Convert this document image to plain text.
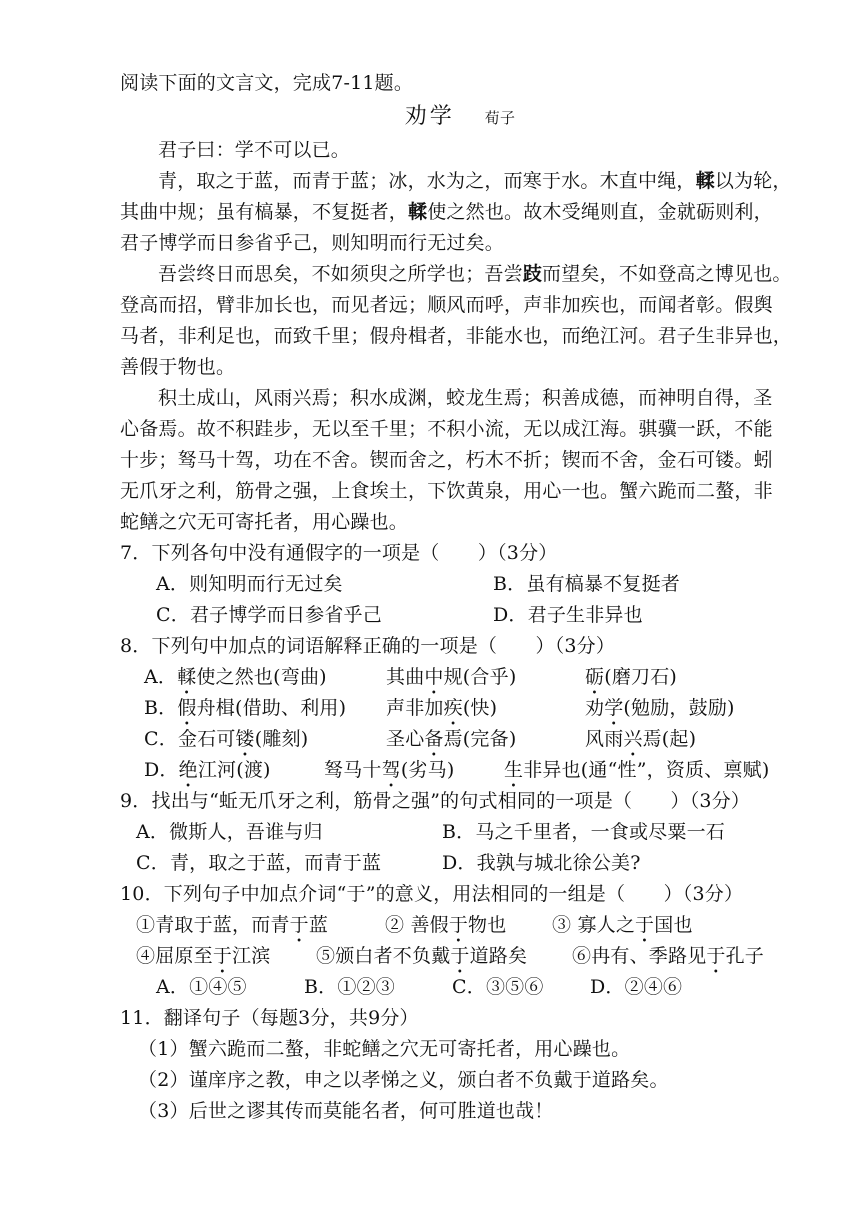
阅读下面的文言文，完成7-11题。
劝学 荀子
君子曰：学不可以已。
青，取之于蓝，而青于蓝；冰，水为之，而寒于水。木直中绳，輮以为轮，
其曲中规；虽有槁暴，不复挺者，輮使之然也。故木受绳则直，金就砺则利，
君子博学而日参省乎己，则知明而行无过矣。
吾尝终日而思矣，不如须臾之所学也；吾尝跂而望矣，不如登高之博见也。
登高而招，臂非加长也，而见者远；顺风而呼，声非加疾也，而闻者彰。假舆
马者，非利足也，而致千里；假舟楫者，非能水也，而绝江河。君子生非异也，
善假于物也。
积土成山，风雨兴焉；积水成渊，蛟龙生焉；积善成德，而神明自得，圣
心备焉。故不积跬步，无以至千里；不积小流，无以成江海。骐骥一跃，不能
十步；驽马十驾，功在不舍。锲而舍之，朽木不折；锲而不舍，金石可镂。蚓
无爪牙之利，筋骨之强，上食埃土，下饮黄泉，用心一也。蟹六跪而二螯，非
蛇鳝之穴无可寄托者，用心躁也。
7．下列各句中没有通假字的一项是（　　）（3分）
A．则知明而行无过矣	B．虽有槁暴不复挺者
C．君子博学而日参省乎己	D．君子生非异也
8．下列句中加点的词语解释正确的一项是（　　）（3分）
A．輮使之然也(弯曲)	其曲中规(合乎)	砺(磨刀石)
B．假舟楫(借助、利用) 声非加疾(快)	劝学(勉励，鼓励)
C．金石可镂(雕刻)	圣心备焉(完备)	风雨兴焉(起)
D．绝江河(渡)	驽马十驾(劣马)	生非异也(通“性”，资质、禀赋)
9．找出与“蚯无爪牙之利，筋骨之强”的句式相同的一项是（　　）（3分）
A．微斯人，吾谁与归	B．马之千里者，一食或尽粟一石
C．青，取之于蓝，而青于蓝	D．我孰与城北徐公美?
10．下列句子中加点介词“于”的意义，用法相同的一组是（　　）（3分）
①青取于蓝，而青于蓝	② 善假于物也 ③ 寡人之于国也
④屈原至于江滨 ⑤颁白者不负戴于道路矣 ⑥冉有、季路见于孔子
A．①④⑤	B．①②③	C．③⑤⑥ D．②④⑥
11．翻译句子（每题3分，共9分）
（1）蟹六跪而二螯，非蛇鳝之穴无可寄托者，用心躁也。
（2）谨庠序之教，申之以孝悌之义，颁白者不负戴于道路矣。
（3）后世之谬其传而莫能名者，何可胜道也哉！
